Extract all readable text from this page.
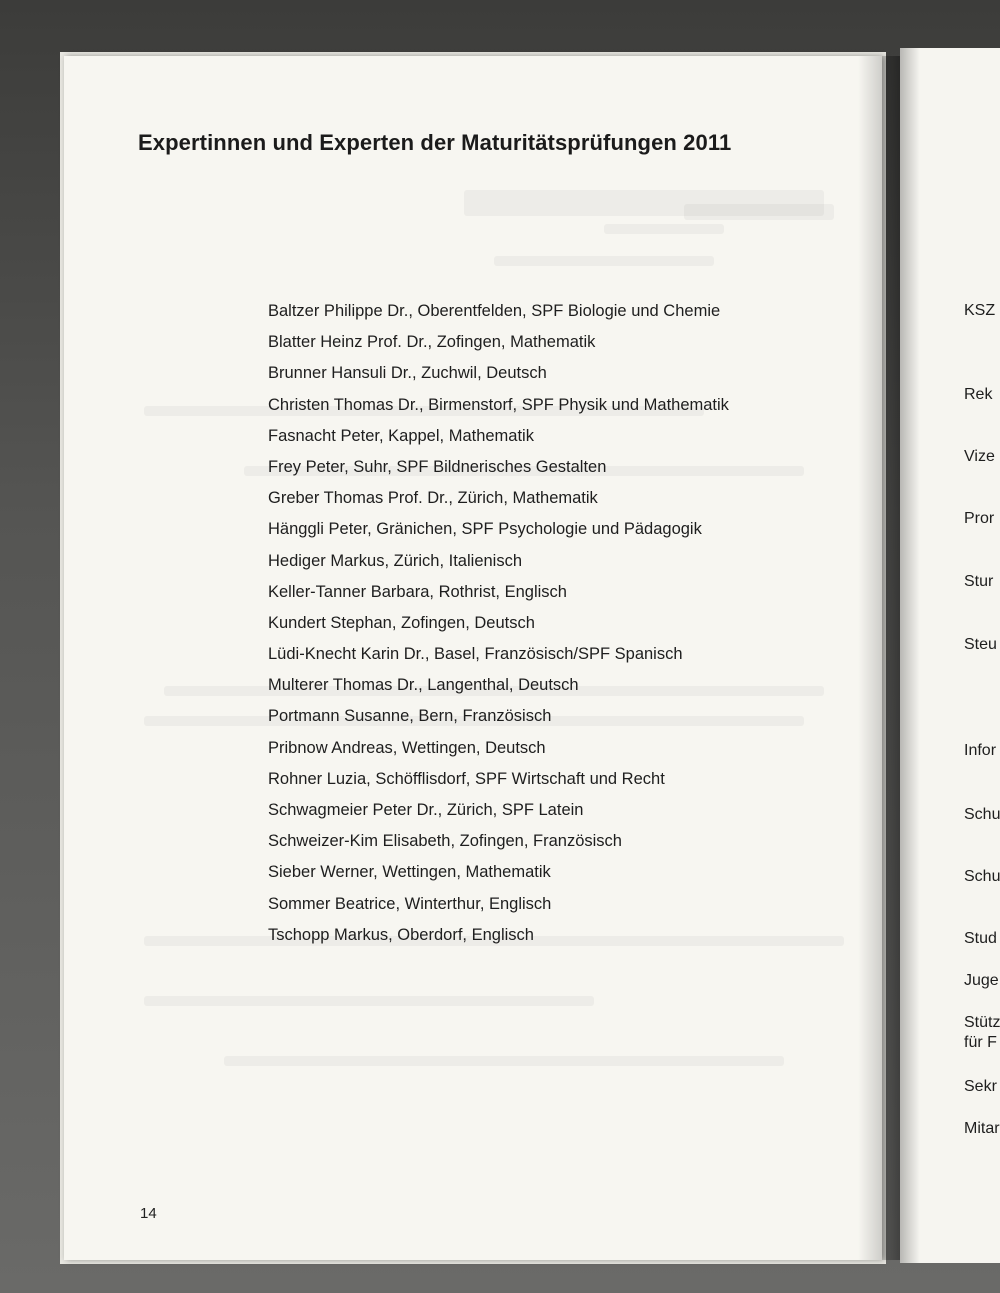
KSZ
Rek
Vize
Pror
Stur
Steu
Infor
Schu
Schu
Stud
Juge
Stütz
für F
Sekr
Mitar
Expertinnen und Experten der Maturitätsprüfungen 2011
Baltzer Philippe Dr., Oberentfelden, SPF Biologie und Chemie
Blatter Heinz Prof. Dr., Zofingen, Mathematik
Brunner Hansuli Dr., Zuchwil, Deutsch
Christen Thomas Dr., Birmenstorf, SPF Physik und Mathematik
Fasnacht Peter, Kappel, Mathematik
Frey Peter, Suhr, SPF Bildnerisches Gestalten
Greber Thomas Prof. Dr., Zürich, Mathematik
Hänggli Peter, Gränichen, SPF Psychologie und Pädagogik
Hediger Markus, Zürich, Italienisch
Keller-Tanner Barbara, Rothrist, Englisch
Kundert Stephan, Zofingen, Deutsch
Lüdi-Knecht Karin Dr., Basel, Französisch/SPF Spanisch
Multerer Thomas Dr., Langenthal, Deutsch
Portmann Susanne, Bern, Französisch
Pribnow Andreas, Wettingen, Deutsch
Rohner Luzia, Schöfflisdorf, SPF Wirtschaft und Recht
Schwagmeier Peter Dr., Zürich, SPF Latein
Schweizer-Kim Elisabeth, Zofingen, Französisch
Sieber Werner, Wettingen, Mathematik
Sommer Beatrice, Winterthur, Englisch
Tschopp Markus, Oberdorf, Englisch
14
